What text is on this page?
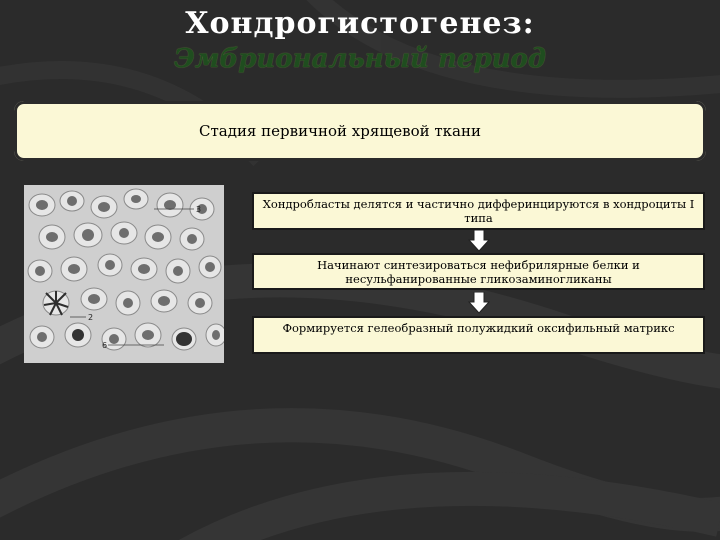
Хондрогистогенез:
Эмбриональный период
Стадия первичной хрящевой ткани
3
2
6
Хондробласты делятся и частично дифферинцируются в хондроциты I типа
Начинают синтезироваться нефибрилярные белки и несульфанированные гликозаминогликаны
Формируется гелеобразный полужидкий оксифильный матрикс
